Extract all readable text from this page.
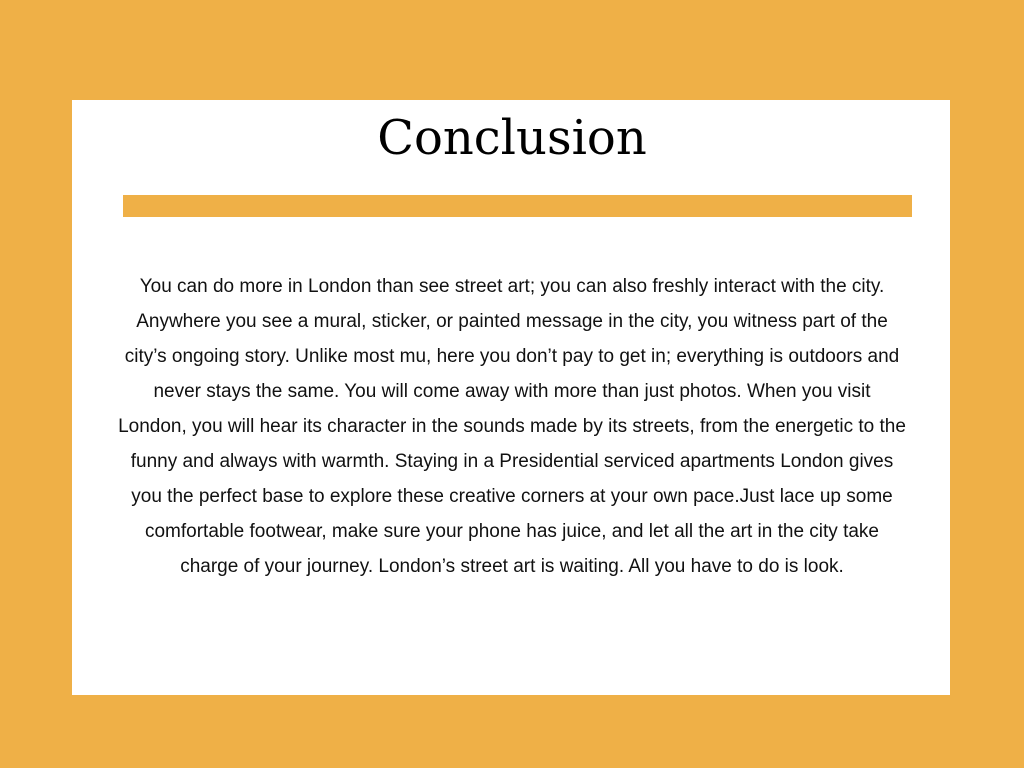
Conclusion

You can do more in London than see street art; you can also freshly interact with the city. Anywhere you see a mural, sticker, or painted message in the city, you witness part of the city’s ongoing story. Unlike most mu, here you don’t pay to get in; everything is outdoors and never stays the same. You will come away with more than just photos. When you visit London, you will hear its character in the sounds made by its streets, from the energetic to the funny and always with warmth. Staying in a Presidential serviced apartments London gives you the perfect base to explore these creative corners at your own pace.Just lace up some comfortable footwear, make sure your phone has juice, and let all the art in the city take charge of your journey. London’s street art is waiting. All you have to do is look.
